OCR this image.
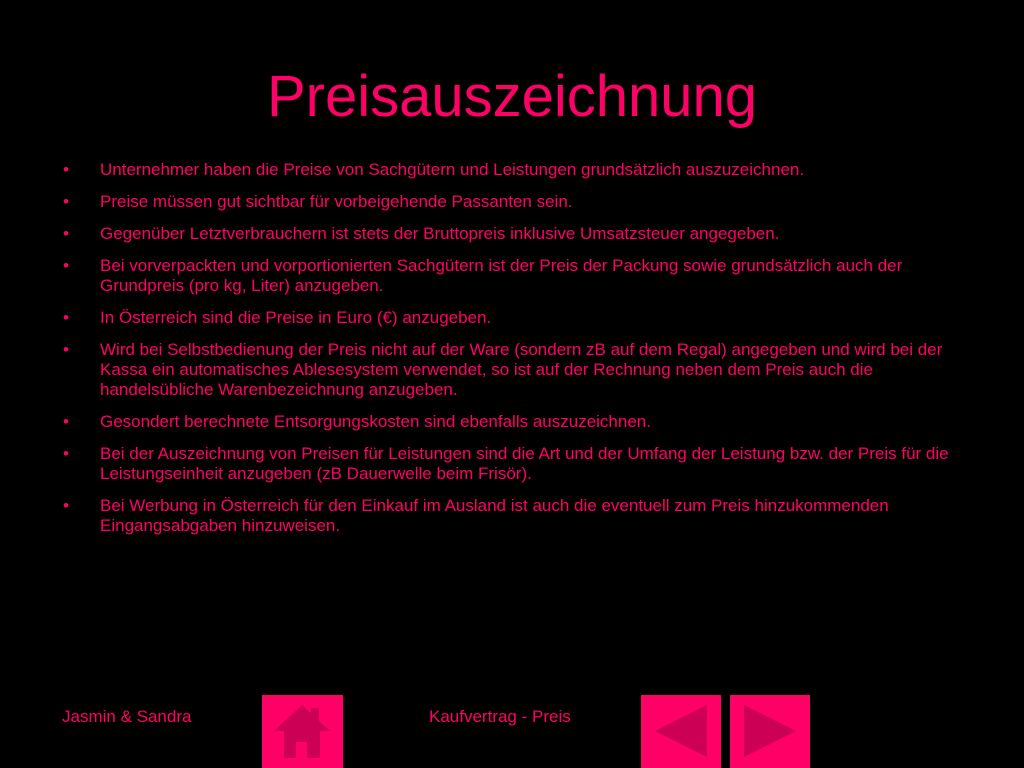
Preisauszeichnung
•	Unternehmer haben die Preise von Sachgütern und Leistungen grundsätzlich auszuzeichnen.
•	Preise müssen gut sichtbar für vorbeigehende Passanten sein.
•	Gegenüber Letztverbrauchern ist stets der Bruttopreis inklusive Umsatzsteuer angegeben.
•	Bei vorverpackten und vorportionierten Sachgütern ist der Preis der Packung sowie grundsätzlich auch der Grundpreis (pro kg, Liter) anzugeben.
•	In Österreich sind die Preise in Euro (€) anzugeben.
•	Wird bei Selbstbedienung der Preis nicht auf der Ware (sondern zB auf dem Regal) angegeben und wird bei der Kassa ein automatisches Ablesesystem verwendet, so ist auf der Rechnung neben dem Preis auch die handelsübliche Warenbezeichnung anzugeben.
•	Gesondert berechnete Entsorgungskosten sind ebenfalls auszuzeichnen.
•	Bei der Auszeichnung von Preisen für Leistungen sind die Art und der Umfang der Leistung bzw. der Preis für die Leistungseinheit anzugeben (zB Dauerwelle beim Frisör).
•	Bei Werbung in Österreich für den Einkauf im Ausland ist auch die eventuell zum Preis hinzukommenden Eingangsabgaben hinzuweisen.
Jasmin & Sandra	Kaufvertrag - Preis
